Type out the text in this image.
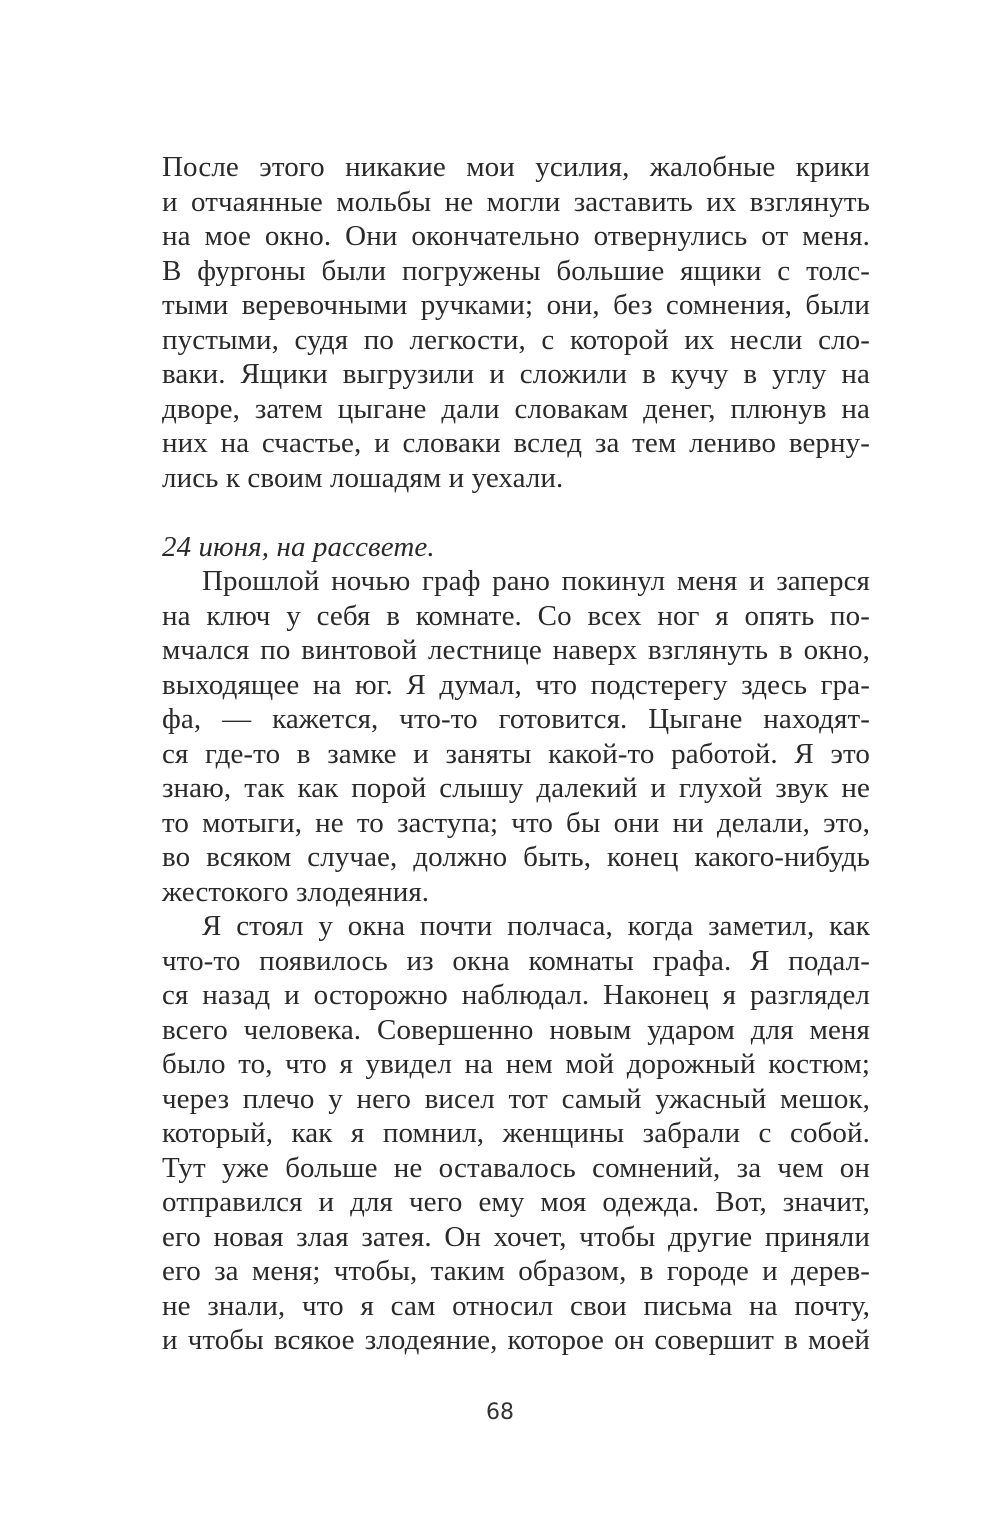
После этого никакие мои усилия, жалобные крики
и отчаянные мольбы не могли заставить их взглянуть
на мое окно. Они окончательно отвернулись от меня.
В фургоны были погружены большие ящики с толс-
тыми веревочными ручками; они, без сомнения, были
пустыми, судя по легкости, с которой их несли сло-
ваки. Ящики выгрузили и сложили в кучу в углу на
дворе, затем цыгане дали словакам денег, плюнув на
них на счастье, и словаки вслед за тем лениво верну-
лись к своим лошадям и уехали.
24 июня, на рассвете.
Прошлой ночью граф рано покинул меня и заперся
на ключ у себя в комнате. Со всех ног я опять по-
мчался по винтовой лестнице наверх взглянуть в окно,
выходящее на юг. Я думал, что подстерегу здесь гра-
фа, — кажется, что-то готовится. Цыгане находят-
ся где-то в замке и заняты какой-то работой. Я это
знаю, так как порой слышу далекий и глухой звук не
то мотыги, не то заступа; что бы они ни делали, это,
во всяком случае, должно быть, конец какого-нибудь
жестокого злодеяния.
Я стоял у окна почти полчаса, когда заметил, как
что-то появилось из окна комнаты графа. Я подал-
ся назад и осторожно наблюдал. Наконец я разглядел
всего человека. Совершенно новым ударом для меня
было то, что я увидел на нем мой дорожный костюм;
через плечо у него висел тот самый ужасный мешок,
который, как я помнил, женщины забрали с собой.
Тут уже больше не оставалось сомнений, за чем он
отправился и для чего ему моя одежда. Вот, значит,
его новая злая затея. Он хочет, чтобы другие приняли
его за меня; чтобы, таким образом, в городе и дерев-
не знали, что я сам относил свои письма на почту,
и чтобы всякое злодеяние, которое он совершит в моей
68
